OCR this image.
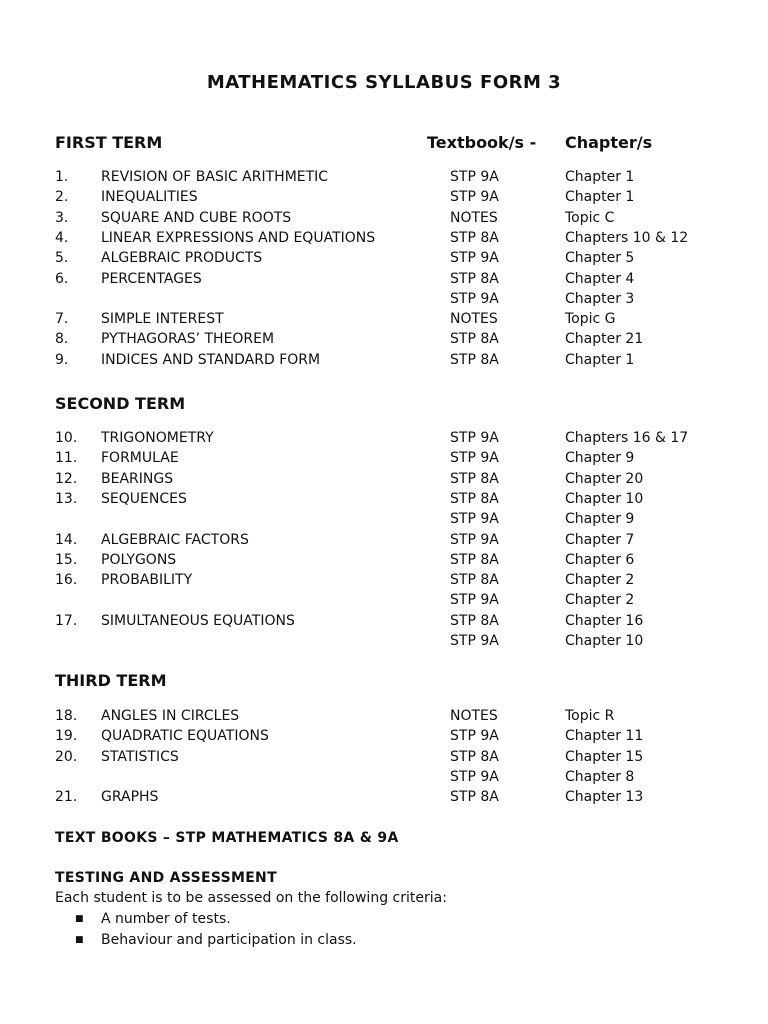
MATHEMATICS SYLLABUS FORM 3
FIRST TERM	Textbook/s - Chapter/s
1. REVISION OF BASIC ARITHMETIC	STP 9A	Chapter 1
2. INEQUALITIES	STP 9A	Chapter 1
3. SQUARE AND CUBE ROOTS	NOTES	Topic C
4. LINEAR EXPRESSIONS AND EQUATIONS	STP 8A	Chapters 10 & 12
5. ALGEBRAIC PRODUCTS	STP 9A	Chapter 5
6. PERCENTAGES	STP 8A	Chapter 4
STP 9A	Chapter 3
7. SIMPLE INTEREST	NOTES	Topic G
8. PYTHAGORAS’ THEOREM	STP 8A	Chapter 21
9. INDICES AND STANDARD FORM	STP 8A	Chapter 1
SECOND TERM
10. TRIGONOMETRY	STP 9A	Chapters 16 & 17
11. FORMULAE	STP 9A	Chapter 9
12. BEARINGS	STP 8A	Chapter 20
13. SEQUENCES	STP 8A	Chapter 10
STP 9A	Chapter 9
14. ALGEBRAIC FACTORS	STP 9A	Chapter 7
15. POLYGONS	STP 8A	Chapter 6
16. PROBABILITY	STP 8A	Chapter 2
STP 9A	Chapter 2
17. SIMULTANEOUS EQUATIONS	STP 8A	Chapter 16
STP 9A	Chapter 10
THIRD TERM
18. ANGLES IN CIRCLES	NOTES	Topic R
19. QUADRATIC EQUATIONS	STP 9A	Chapter 11
20. STATISTICS	STP 8A	Chapter 15
STP 9A	Chapter 8
21. GRAPHS	STP 8A	Chapter 13
TEXT BOOKS – STP MATHEMATICS 8A & 9A
TESTING AND ASSESSMENT
Each student is to be assessed on the following criteria:
■ A number of tests.
■ Behaviour and participation in class.
